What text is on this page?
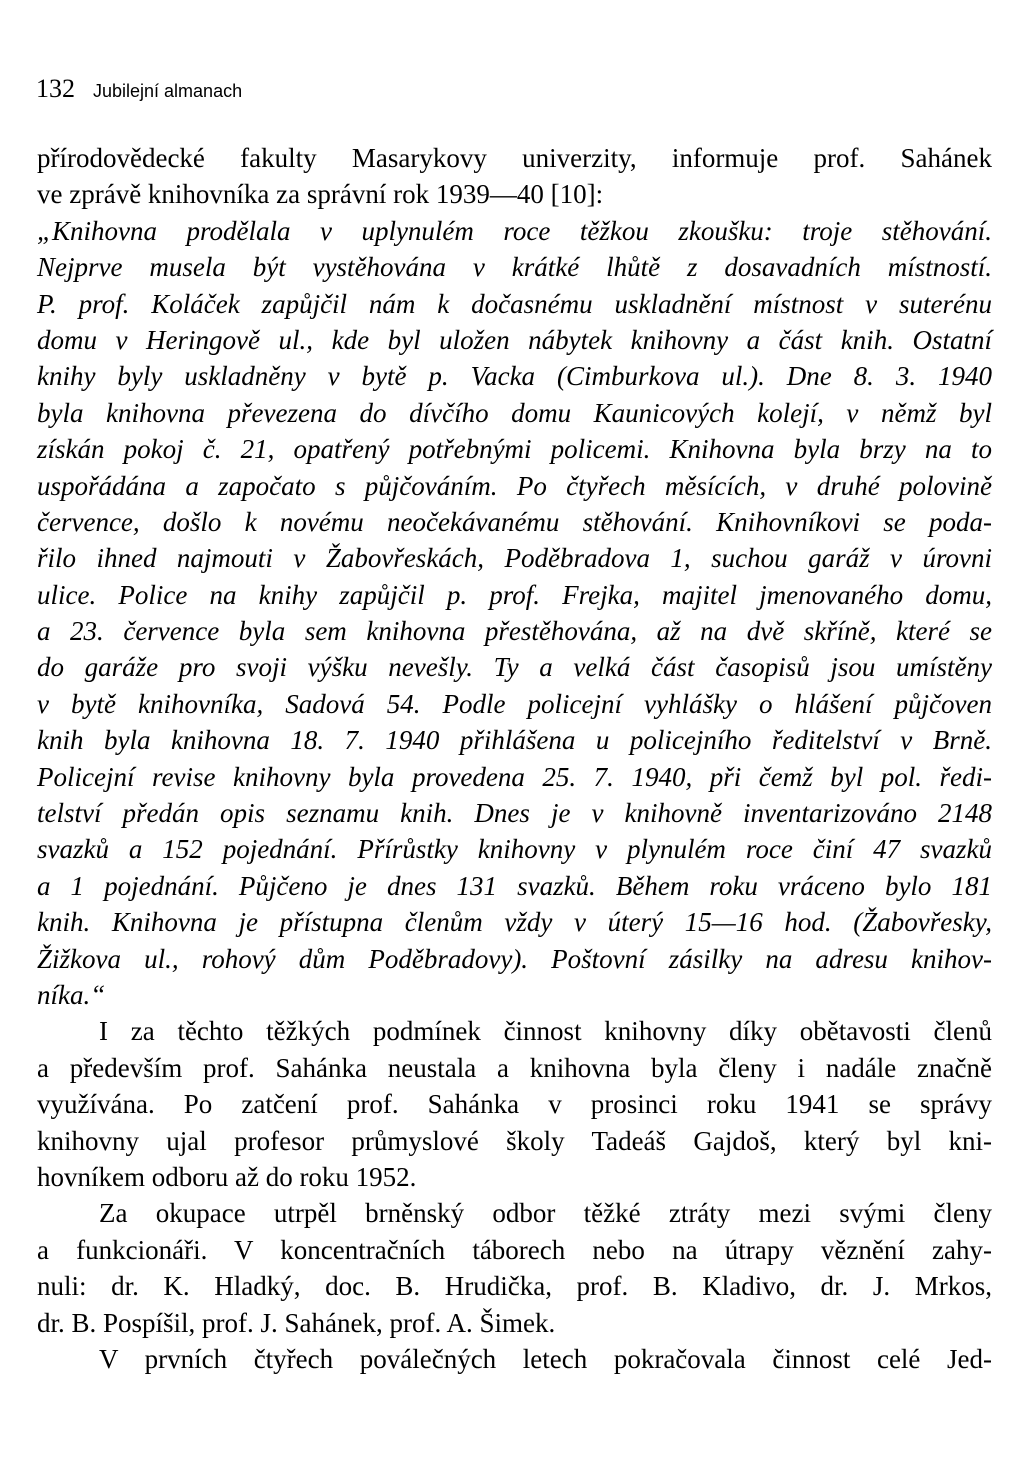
132 Jubilejní almanach
přírodovědecké fakulty Masarykovy univerzity, informuje prof. Sahánek
ve zprávě knihovníka za správní rok 1939—40 [10]:
„Knihovna prodělala v uplynulém roce těžkou zkoušku: troje stěhování.
Nejprve musela být vystěhována v krátké lhůtě z dosavadních místností.
P. prof. Koláček zapůjčil nám k dočasnému uskladnění místnost v suterénu
domu v Heringově ul., kde byl uložen nábytek knihovny a část knih. Ostatní
knihy byly uskladněny v bytě p. Vacka (Cimburkova ul.). Dne 8. 3. 1940
byla knihovna převezena do dívčího domu Kaunicových kolejí, v němž byl
získán pokoj č. 21, opatřený potřebnými policemi. Knihovna byla brzy na to
uspořádána a započato s půjčováním. Po čtyřech měsících, v druhé polovině
července, došlo k novému neočekávanému stěhování. Knihovníkovi se poda-
řilo ihned najmouti v Žabovřeskách, Poděbradova 1, suchou garáž v úrovni
ulice. Police na knihy zapůjčil p. prof. Frejka, majitel jmenovaného domu,
a 23. července byla sem knihovna přestěhována, až na dvě skříně, které se
do garáže pro svoji výšku nevešly. Ty a velká část časopisů jsou umístěny
v bytě knihovníka, Sadová 54. Podle policejní vyhlášky o hlášení půjčoven
knih byla knihovna 18. 7. 1940 přihlášena u policejního ředitelství v Brně.
Policejní revise knihovny byla provedena 25. 7. 1940, při čemž byl pol. ředi-
telství předán opis seznamu knih. Dnes je v knihovně inventarizováno 2148
svazků a 152 pojednání. Přírůstky knihovny v plynulém roce činí 47 svazků
a 1 pojednání. Půjčeno je dnes 131 svazků. Během roku vráceno bylo 181
knih. Knihovna je přístupna členům vždy v úterý 15—16 hod. (Žabovřesky,
Žižkova ul., rohový dům Poděbradovy). Poštovní zásilky na adresu knihov-
níka.“
I za těchto těžkých podmínek činnost knihovny díky obětavosti členů
a především prof. Sahánka neustala a knihovna byla členy i nadále značně
využívána. Po zatčení prof. Sahánka v prosinci roku 1941 se správy
knihovny ujal profesor průmyslové školy Tadeáš Gajdoš, který byl kni-
hovníkem odboru až do roku 1952.
Za okupace utrpěl brněnský odbor těžké ztráty mezi svými členy
a funkcionáři. V koncentračních táborech nebo na útrapy věznění zahy-
nuli: dr. K. Hladký, doc. B. Hrudička, prof. B. Kladivo, dr. J. Mrkos,
dr. B. Pospíšil, prof. J. Sahánek, prof. A. Šimek.
V prvních čtyřech poválečných letech pokračovala činnost celé Jed-
